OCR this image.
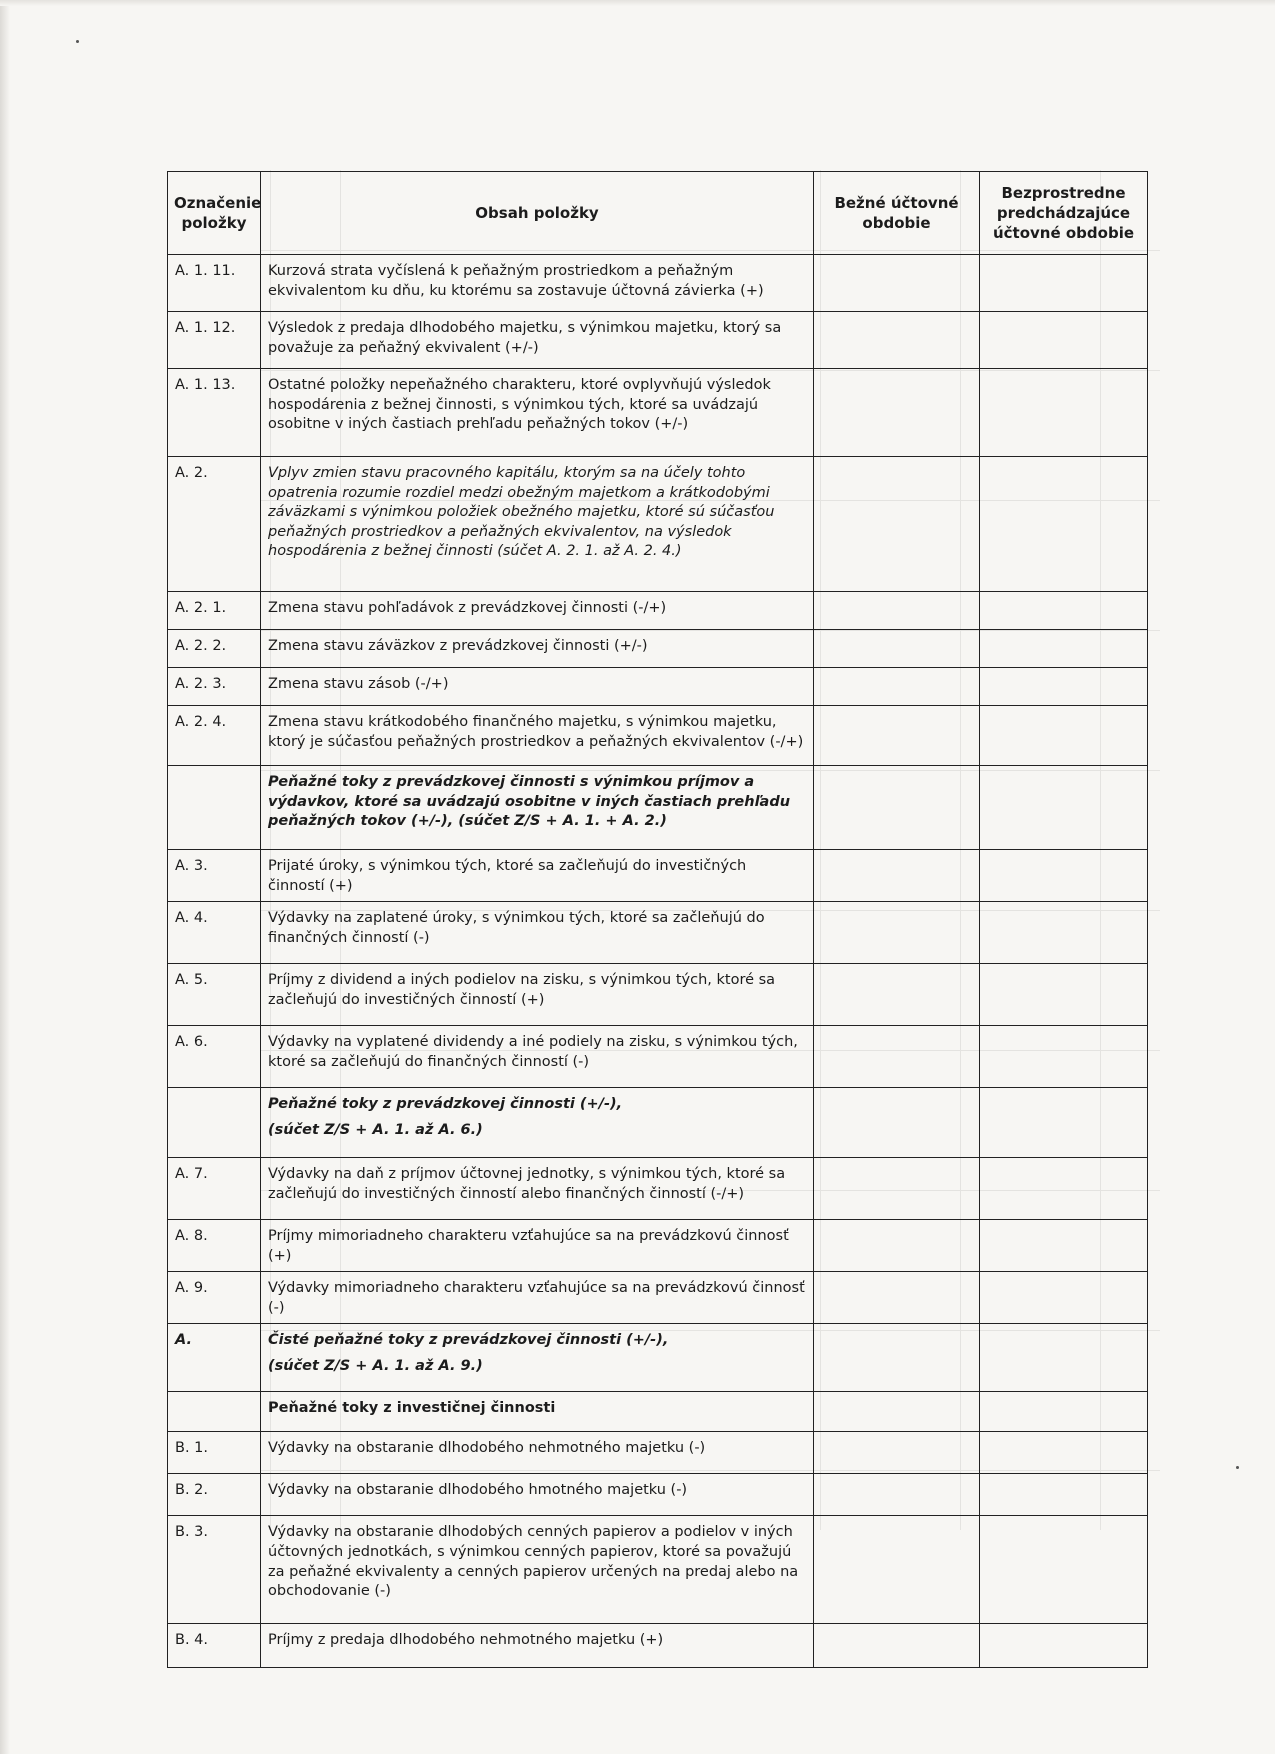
Označenie položky	Obsah položky	Bežné účtovné obdobie	Bezprostredne predchádzajúce účtovné obdobie
A. 1. 11.	Kurzová strata vyčíslená k peňažným prostriedkom a peňažným ekvivalentom ku dňu, ku ktorému sa zostavuje účtovná závierka (+)		
A. 1. 12.	Výsledok z predaja dlhodobého majetku, s výnimkou majetku, ktorý sa považuje za peňažný ekvivalent (+/-)		
A. 1. 13.	Ostatné položky nepeňažného charakteru, ktoré ovplyvňujú výsledok hospodárenia z bežnej činnosti, s výnimkou tých, ktoré sa uvádzajú osobitne v iných častiach prehľadu peňažných tokov (+/-)		
A. 2.	Vplyv zmien stavu pracovného kapitálu, ktorým sa na účely tohto opatrenia rozumie rozdiel medzi obežným majetkom a krátkodobými záväzkami s výnimkou položiek obežného majetku, ktoré sú súčasťou peňažných prostriedkov a peňažných ekvivalentov, na výsledok hospodárenia z bežnej činnosti (súčet A. 2. 1. až A. 2. 4.)		
A. 2. 1.	Zmena stavu pohľadávok z prevádzkovej činnosti (-/+)		
A. 2. 2.	Zmena stavu záväzkov z prevádzkovej činnosti (+/-)		
A. 2. 3.	Zmena stavu zásob (-/+)		
A. 2. 4.	Zmena stavu krátkodobého finančného majetku, s výnimkou majetku, ktorý je súčasťou peňažných prostriedkov a peňažných ekvivalentov (-/+)		
	Peňažné toky z prevádzkovej činnosti s výnimkou príjmov a výdavkov, ktoré sa uvádzajú osobitne v iných častiach prehľadu peňažných tokov (+/-), (súčet Z/S + A. 1. + A. 2.)		
A. 3.	Prijaté úroky, s výnimkou tých, ktoré sa začleňujú do investičných činností (+)		
A. 4.	Výdavky na zaplatené úroky, s výnimkou tých, ktoré sa začleňujú do finančných činností (-)		
A. 5.	Príjmy z dividend a iných podielov na zisku, s výnimkou tých, ktoré sa začleňujú do investičných činností (+)		
A. 6.	Výdavky na vyplatené dividendy a iné podiely na zisku, s výnimkou tých, ktoré sa začleňujú do finančných činností (-)		
	Peňažné toky z prevádzkovej činnosti (+/-),
(súčet Z/S + A. 1. až A. 6.)		

A. 7.	Výdavky na daň z príjmov účtovnej jednotky, s výnimkou tých, ktoré sa začleňujú do investičných činností alebo finančných činností (-/+)		
A. 8.	Príjmy mimoriadneho charakteru vzťahujúce sa na prevádzkovú činnosť (+)		
A. 9.	Výdavky mimoriadneho charakteru vzťahujúce sa na prevádzkovú činnosť (-)		
A.	Čisté peňažné toky z prevádzkovej činnosti (+/-),
(súčet Z/S + A. 1. až A. 9.)		

	Peňažné toky z investičnej činnosti		
B. 1.	Výdavky na obstaranie dlhodobého nehmotného majetku (-)		
B. 2.	Výdavky na obstaranie dlhodobého hmotného majetku (-)		
B. 3.	Výdavky na obstaranie dlhodobých cenných papierov a podielov v iných účtovných jednotkách, s výnimkou cenných papierov, ktoré sa považujú za peňažné ekvivalenty a cenných papierov určených na predaj alebo na obchodovanie (-)		
B. 4.	Príjmy z predaja dlhodobého nehmotného majetku (+)		
